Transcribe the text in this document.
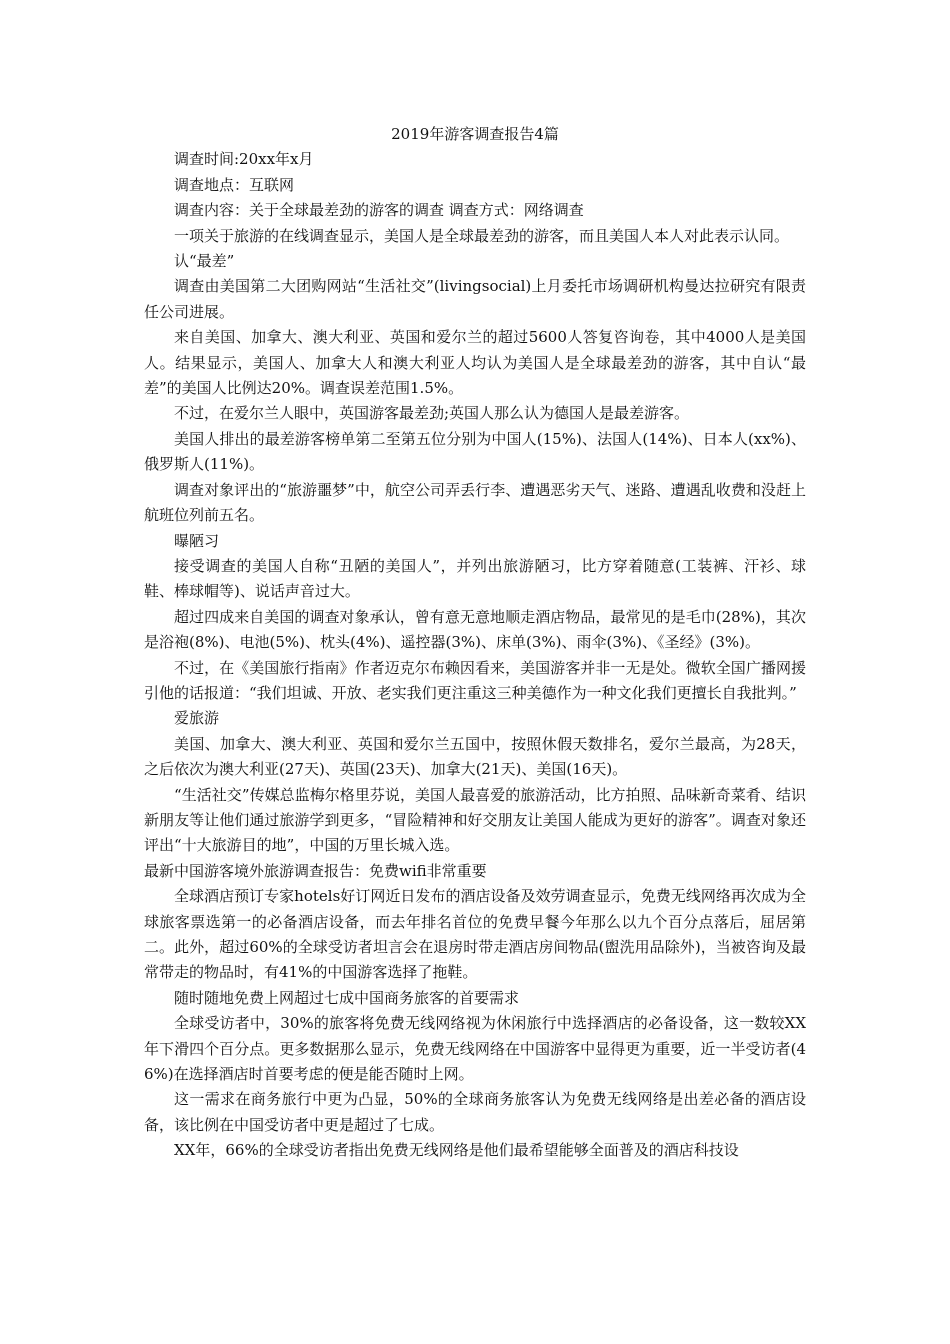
2019年游客调查报告4篇

调查时间:20xx年x月

调查地点：互联网

调查内容：关于全球最差劲的游客的调查 调查方式：网络调查

一项关于旅游的在线调查显示，美国人是全球最差劲的游客，而且美国人本人对此表示认同。

认“最差”

调查由美国第二大团购网站“生活社交”(livingsocial)上月委托市场调研机构曼达拉研究有限责任公司进展。

来自美国、加拿大、澳大利亚、英国和爱尔兰的超过5600人答复咨询卷，其中4000人是美国人。结果显示，美国人、加拿大人和澳大利亚人均认为美国人是全球最差劲的游客，其中自认“最差”的美国人比例达20%。调查误差范围1.5%。

不过，在爱尔兰人眼中，英国游客最差劲;英国人那么认为德国人是最差游客。

美国人排出的最差游客榜单第二至第五位分别为中国人(15%)、法国人(14%)、日本人(xx%)、俄罗斯人(11%)。

调查对象评出的“旅游噩梦”中，航空公司弄丢行李、遭遇恶劣天气、迷路、遭遇乱收费和没赶上航班位列前五名。

曝陋习

接受调查的美国人自称“丑陋的美国人”，并列出旅游陋习，比方穿着随意(工装裤、汗衫、球鞋、棒球帽等)、说话声音过大。

超过四成来自美国的调查对象承认，曾有意无意地顺走酒店物品，最常见的是毛巾(28%)，其次是浴袍(8%)、电池(5%)、枕头(4%)、遥控器(3%)、床单(3%)、雨伞(3%)、《圣经》(3%)。

不过，在《美国旅行指南》作者迈克尔布赖因看来，美国游客并非一无是处。微软全国广播网援引他的话报道：“我们坦诚、开放、老实我们更注重这三种美德作为一种文化我们更擅长自我批判。”

爱旅游

美国、加拿大、澳大利亚、英国和爱尔兰五国中，按照休假天数排名，爱尔兰最高，为28天，之后依次为澳大利亚(27天)、英国(23天)、加拿大(21天)、美国(16天)。

“生活社交”传媒总监梅尔格里芬说，美国人最喜爱的旅游活动，比方拍照、品味新奇菜肴、结识新朋友等让他们通过旅游学到更多，“冒险精神和好交朋友让美国人能成为更好的游客”。调查对象还评出“十大旅游目的地”，中国的万里长城入选。

最新中国游客境外旅游调查报告：免费wifi非常重要

全球酒店预订专家hotels好订网近日发布的酒店设备及效劳调查显示，免费无线网络再次成为全球旅客票选第一的必备酒店设备，而去年排名首位的免费早餐今年那么以九个百分点落后，屈居第二。此外，超过60%的全球受访者坦言会在退房时带走酒店房间物品(盥洗用品除外)，当被咨询及最常带走的物品时，有41%的中国游客选择了拖鞋。

随时随地免费上网超过七成中国商务旅客的首要需求

全球受访者中，30%的旅客将免费无线网络视为休闲旅行中选择酒店的必备设备，这一数较XX年下滑四个百分点。更多数据那么显示，免费无线网络在中国游客中显得更为重要，近一半受访者(46%)在选择酒店时首要考虑的便是能否随时上网。

这一需求在商务旅行中更为凸显，50%的全球商务旅客认为免费无线网络是出差必备的酒店设备，该比例在中国受访者中更是超过了七成。

XX年，66%的全球受访者指出免费无线网络是他们最希望能够全面普及的酒店科技设
